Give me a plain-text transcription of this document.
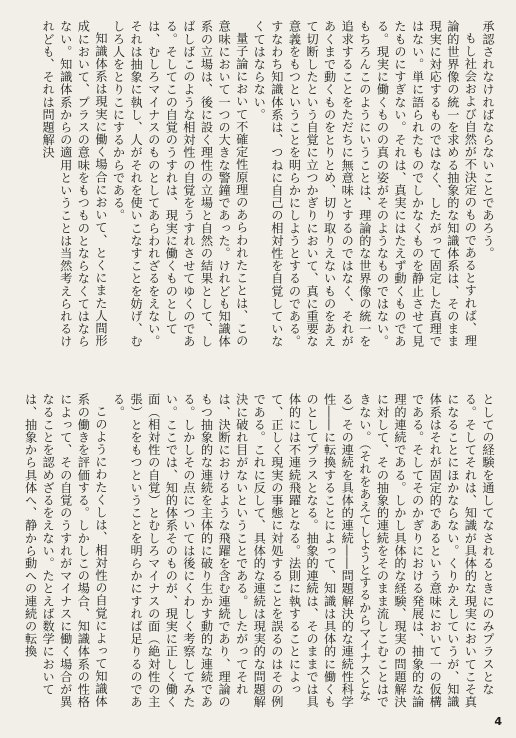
承認されなければならないことであろう。

もし社会および自然が不決定のものであるとすれば、理論的世界像の統一を求める抽象的な知識体系は、そのまま現実に対応するものではなく、したがって固定した真理ではない。単に語られたものでしかなくものを静止させて見たものにすぎない。それは、真実にはたえず動くものである。現実に働くものの真の姿がそのようなものではない。もちろんこのようにいうことは、理論的な世界像の統一を追求することをただちに無意味とするのではなく、それがあくまで動くものをとりとめ、切り取りえないものをあえて切断したという自覚に立つかぎりにおいて、真に重要な意義をもつということを明らかにしようとするのである。すなわち知識体系は、つねに自己の相対性を自覚していなくてはならない。

量子論において不確定性原理のあらわれたことは、この意味において一つの大きな警鐘であった。けれども知識体系の立場は、後に設く理性の立場と自然の結果として、しばしばこのような相対性の自覚をうすれさせてゆくのである。そしてこの自覚のうすれは、現実に働くものとしては、むしろマイナスのものとしてあらわれざるをえない。それは抽象に執し、人がそれを使いこなすことを妨げ、むしろ人をとりこにするからである。

知識体系は現実に働く場合において、とくにまた人間形成において、プラスの意味をもつものとならなくてはならない。知識体系からの適用ということは当然考えられるけれども、それは問題解決

としての経験を通してなされるときにのみプラスとなる。そしてそれは、知識が具体的な現実においてこそ真になることにほかならない。くりかえしていうが、知識体系はそれが固定的であるという意味において一の仮構である。そしてそのかぎりにおける発展は、抽象的な論理的連続である。しかし具体的な経験、現実の問題解決に対して、その抽象的連続をそのまま流しこむことはできない。（それをあえてしようとするからマイナスとなる）その連続を具体的連続――問題解決的な連続性科学性――に転換することによって、知識は具体的に働くものとしてプラスとなる。抽象的連続は、そのままでは具体的には不連続飛躍となる。法則に執することによって、正しく現実の事態に対処することを誤るのはその例である。これに反して、具体的な連続は現実的な問題解決に破れ目がないということである。したがってそれは、決断におけるような飛躍を含む連続であり、理論のもつ抽象的な連続を主体的に破り生かす動的な連続である。しかしその点については後にくわしく考察してみたい。ここでは、知的体系そのものが、現実に正しく働く面（相対性の自覚）とむしろマイナスの面（絶対性の主張）とをもつということを明らかにすれば足りるのである。

このようにわたくしは、相対性の自覚によって知識体系の働きを評価する。しかしこの場合、知識体系の性格によって、その自覚のうすれがマイナスに働く場合が異なることを認めざるをえない。たとえば数学においては、抽象から具体へ、静から動への連続の転換

4
